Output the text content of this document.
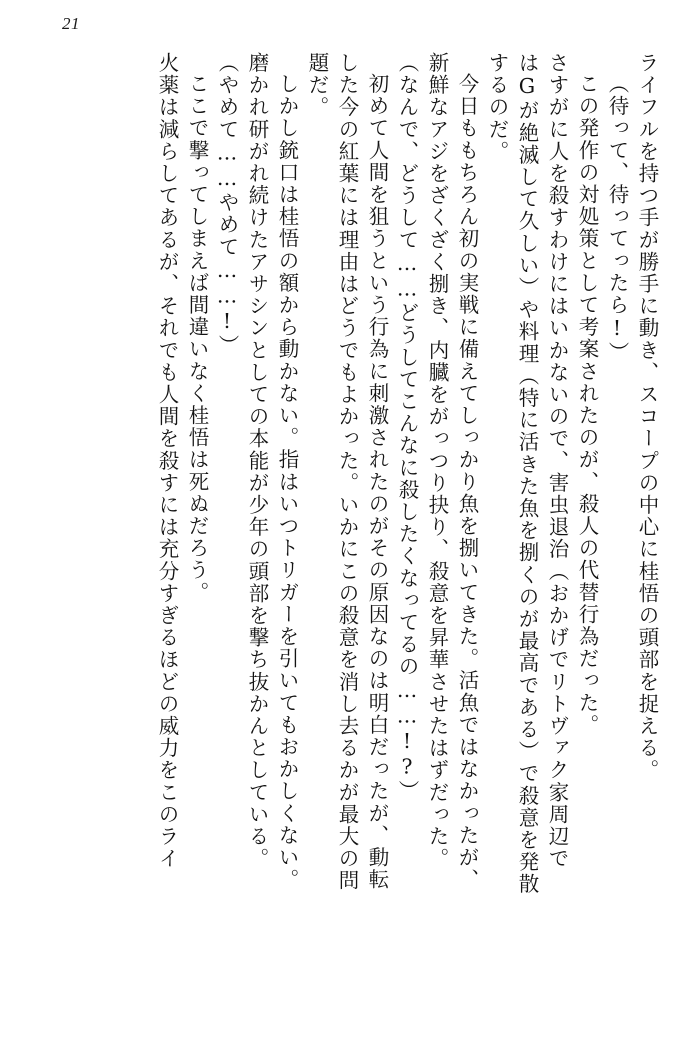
21
ライフルを持つ手が勝手に動き、スコープの中心に桂悟の頭部を捉える。
（待って、待ってったら!）
この発作の対処策として考案されたのが、殺人の代替行為だった。
さすがに人を殺すわけにはいかないので、害虫退治（おかげでリトヴァク家周辺で
はGが絶滅して久しい）や料理（特に活きた魚を捌くのが最高である）で殺意を発散
するのだ。
今日ももちろん初の実戦に備えてしっかり魚を捌いてきた。活魚ではなかったが、
新鮮なアジをざくざく捌き、内臓をがっつり抉り、殺意を昇華させたはずだった。
（なんで、どうして……どうしてこんなに殺したくなってるの……!?）
初めて人間を狙うという行為に刺激されたのがその原因なのは明白だったが、動転
した今の紅葉には理由はどうでもよかった。いかにこの殺意を消し去るかが最大の問
題だ。
しかし銃口は桂悟の額から動かない。指はいつトリガーを引いてもおかしくない。
磨かれ研がれ続けたアサシンとしての本能が少年の頭部を撃ち抜かんとしている。
（やめて……やめて……!）
ここで撃ってしまえば間違いなく桂悟は死ぬだろう。
火薬は減らしてあるが、それでも人間を殺すには充分すぎるほどの威力をこのライ
